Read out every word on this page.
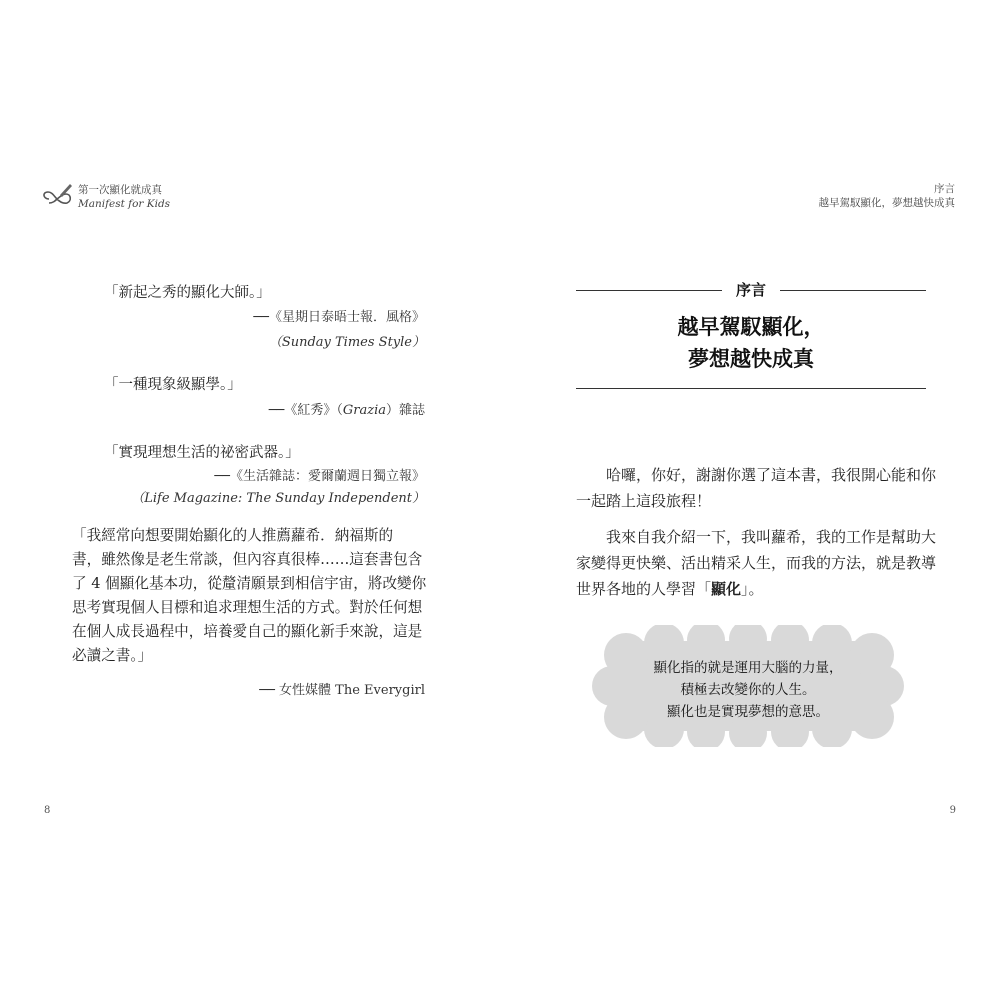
第一次顯化就成真
Manifest for Kids
序言
越早駕馭顯化，夢想越快成真
「新起之秀的顯化大師。」
──《星期日泰晤士報．風格》
（Sunday Times Style）
「一種現象級顯學。」
──《紅秀》（Grazia）雜誌
「實現理想生活的祕密武器。」
──《生活雜誌：愛爾蘭週日獨立報》
（Life Magazine: The Sunday Independent）
「我經常向想要開始顯化的人推薦蘿希．納福斯的
書，雖然像是老生常談，但內容真很棒……這套書包含
了 4 個顯化基本功，從釐清願景到相信宇宙，將改變你
思考實現個人目標和追求理想生活的方式。對於任何想
在個人成長過程中，培養愛自己的顯化新手來說，這是
必讀之書。」
── 女性媒體 The Everygirl
8
序言
越早駕馭顯化，
夢想越快成真
哈囉，你好，謝謝你選了這本書，我很開心能和你
一起踏上這段旅程！
我來自我介紹一下，我叫蘿希，我的工作是幫助大
家變得更快樂、活出精采人生，而我的方法，就是教導
世界各地的人學習「顯化」。
顯化指的就是運用大腦的力量，
積極去改變你的人生。
顯化也是實現夢想的意思。
9
